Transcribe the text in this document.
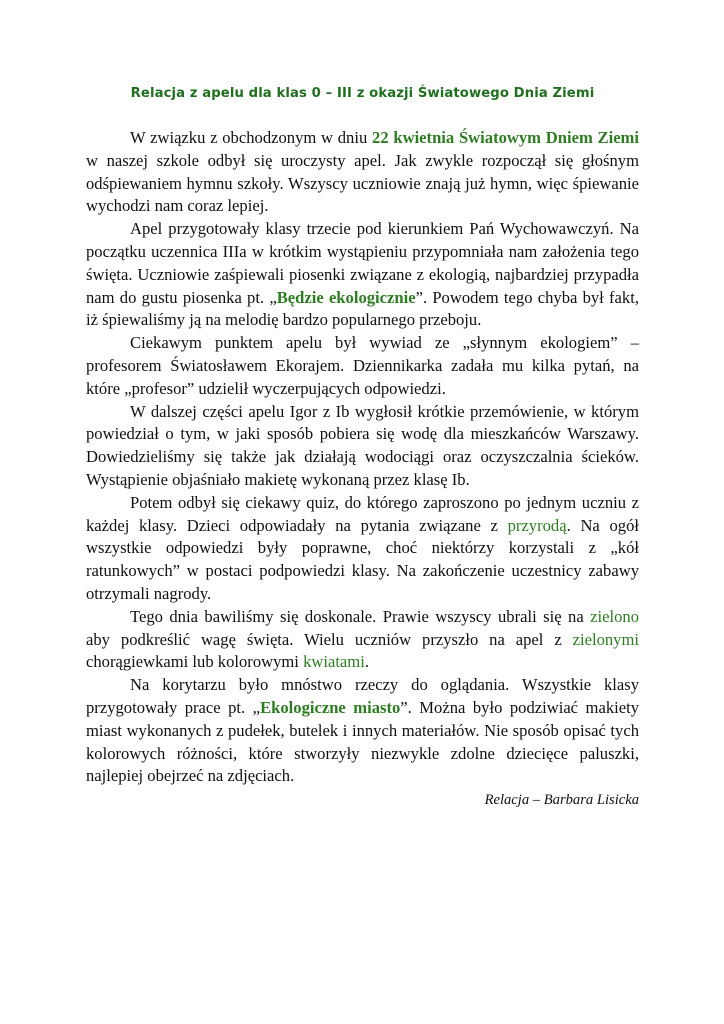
Relacja z apelu dla klas 0 – III z okazji Światowego Dnia Ziemi

W związku z obchodzonym w dniu 22 kwietnia Światowym Dniem Ziemi w naszej szkole odbył się uroczysty apel. Jak zwykle rozpoczął się głośnym odśpiewaniem hymnu szkoły. Wszyscy uczniowie znają już hymn, więc śpiewanie wychodzi nam coraz lepiej.

Apel przygotowały klasy trzecie pod kierunkiem Pań Wychowawczyń. Na początku uczennica IIIa w krótkim wystąpieniu przypomniała nam założenia tego święta. Uczniowie zaśpiewali piosenki związane z ekologią, najbardziej przypadła nam do gustu piosenka pt. „Będzie ekologicznie”. Powodem tego chyba był fakt, iż śpiewaliśmy ją na melodię bardzo popularnego przeboju.

Ciekawym punktem apelu był wywiad ze „słynnym ekologiem” – profesorem Światosławem Ekorajem. Dziennikarka zadała mu kilka pytań, na które „profesor” udzielił wyczerpujących odpowiedzi.

W dalszej części apelu Igor z Ib wygłosił krótkie przemówienie, w którym powiedział o tym, w jaki sposób pobiera się wodę dla mieszkańców Warszawy. Dowiedzieliśmy się także jak działają wodociągi oraz oczyszczalnia ścieków. Wystąpienie objaśniało makietę wykonaną przez klasę Ib.

Potem odbył się ciekawy quiz, do którego zaproszono po jednym uczniu z każdej klasy. Dzieci odpowiadały na pytania związane z przyrodą. Na ogół wszystkie odpowiedzi były poprawne, choć niektórzy korzystali z „kół ratunkowych” w postaci podpowiedzi klasy. Na zakończenie uczestnicy zabawy otrzymali nagrody.

Tego dnia bawiliśmy się doskonale. Prawie wszyscy ubrali się na zielono aby podkreślić wagę święta. Wielu uczniów przyszło na apel z zielonymi chorągiewkami lub kolorowymi kwiatami.

Na korytarzu było mnóstwo rzeczy do oglądania. Wszystkie klasy przygotowały prace pt. „Ekologiczne miasto”. Można było podziwiać makiety miast wykonanych z pudełek, butelek i innych materiałów. Nie sposób opisać tych kolorowych różności, które stworzyły niezwykle zdolne dziecięce paluszki, najlepiej obejrzeć na zdjęciach.

Relacja – Barbara Lisicka
